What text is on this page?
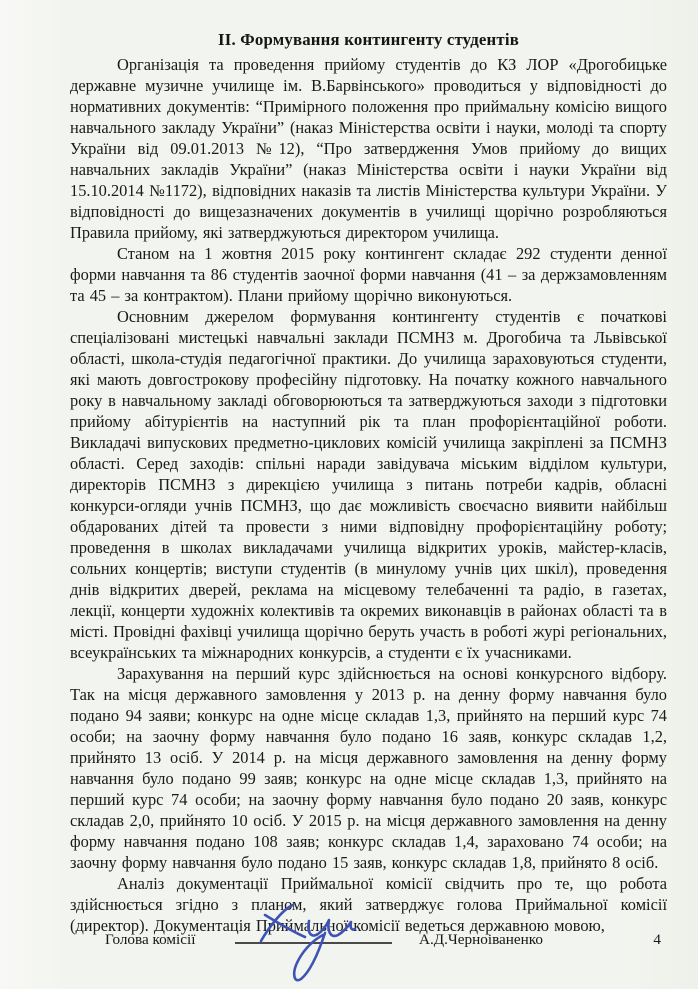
ІІ. Формування контингенту студентів

Організація та проведення прийому студентів до КЗ ЛОР «Дрогобицьке державне музичне училище ім. В.Барвінського» проводиться у відповідності до нормативних документів: “Примірного положення про приймальну комісію вищого навчального закладу України” (наказ Міністерства освіти і науки, молоді та спорту України від 09.01.2013 №12), “Про затвердження Умов прийому до вищих навчальних закладів України” (наказ Міністерства освіти і науки України від 15.10.2014 №1172), відповідних наказів та листів Міністерства культури України. У відповідності до вищезазначених документів в училищі щорічно розробляються Правила прийому, які затверджуються директором училища.

Станом на 1 жовтня 2015 року контингент складає 292 студенти денної форми навчання та 86 студентів заочної форми навчання (41 – за держзамовленням та 45 – за контрактом). Плани прийому щорічно виконуються.

Основним джерелом формування контингенту студентів є початкові спеціалізовані мистецькі навчальні заклади ПСМНЗ м. Дрогобича та Львівської області, школа-студія педагогічної практики. До училища зараховуються студенти, які мають довгострокову професійну підготовку. На початку кожного навчального року в навчальному закладі обговорюються та затверджуються заходи з підготовки прийому абітурієнтів на наступний рік та план профорієнтаційної роботи. Викладачі випускових предметно-циклових комісій училища закріплені за ПСМНЗ області. Серед заходів: спільні наради завідувача міським відділом культури, директорів ПСМНЗ з дирекцією училища з питань потреби кадрів, обласні конкурси-огляди учнів ПСМНЗ, що дає можливість своєчасно виявити найбільш обдарованих дітей та провести з ними відповідну профорієнтаційну роботу; проведення в школах викладачами училища відкритих уроків, майстер-класів, сольних концертів; виступи студентів (в минулому учнів цих шкіл), проведення днів відкритих дверей, реклама на місцевому телебаченні та радіо, в газетах, лекції, концерти художніх колективів та окремих виконавців в районах області та в місті. Провідні фахівці училища щорічно беруть участь в роботі журі регіональних, всеукраїнських та міжнародних конкурсів, а студенти є їх учасниками.

Зарахування на перший курс здійснюється на основі конкурсного відбору. Так на місця державного замовлення у 2013 р. на денну форму навчання було подано 94 заяви; конкурс на одне місце складав 1,3, прийнято на перший курс 74 особи; на заочну форму навчання було подано 16 заяв, конкурс складав 1,2, прийнято 13 осіб. У 2014 р. на місця державного замовлення на денну форму навчання було подано 99 заяв; конкурс на одне місце складав 1,3, прийнято на перший курс 74 особи; на заочну форму навчання було подано 20 заяв, конкурс складав 2,0, прийнято 10 осіб. У 2015 р. на місця державного замовлення на денну форму навчання подано 108 заяв; конкурс складав 1,4, зараховано 74 особи; на заочну форму навчання було подано 15 заяв, конкурс складав 1,8, прийнято 8 осіб.

Аналіз документації Приймальної комісії свідчить про те, що робота здійснюється згідно з планом, який затверджує голова Приймальної комісії (директор). Документація Приймальної комісії ведеться державною мовою,

Голова комісії	А.Д.Черноіваненко	4
